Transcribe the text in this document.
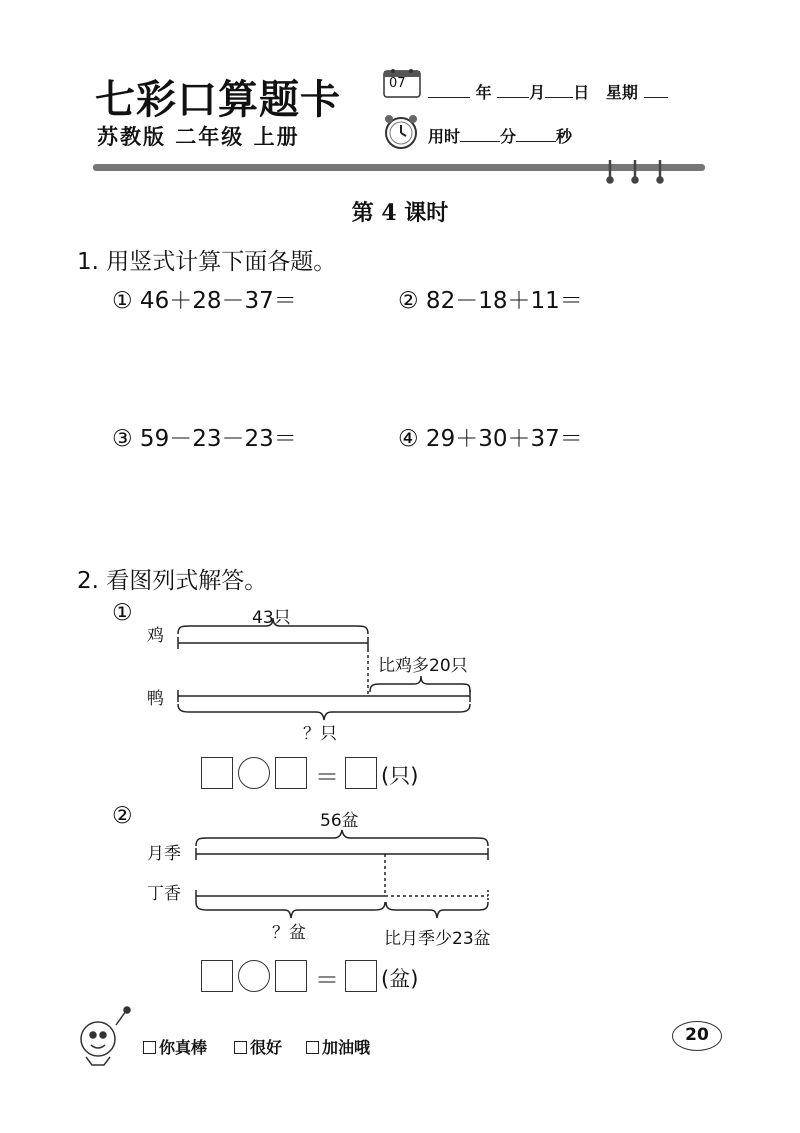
七彩口算题卡
苏教版 二年级 上册
07	年 月 日 星期
用时	分	秒
第 4 课时
1. 用竖式计算下面各题。
① 46＋28－37＝	② 82－18＋11＝
③ 59－23－23＝	④ 29＋30＋37＝
2. 看图列式解答。
①
鸡
鸭
43只
比鸡多20只
？只
＝ (只)
②
月季
丁香
56盆
？盆	比月季少23盆
＝ (盆)
你真棒	很好	加油哦
20
